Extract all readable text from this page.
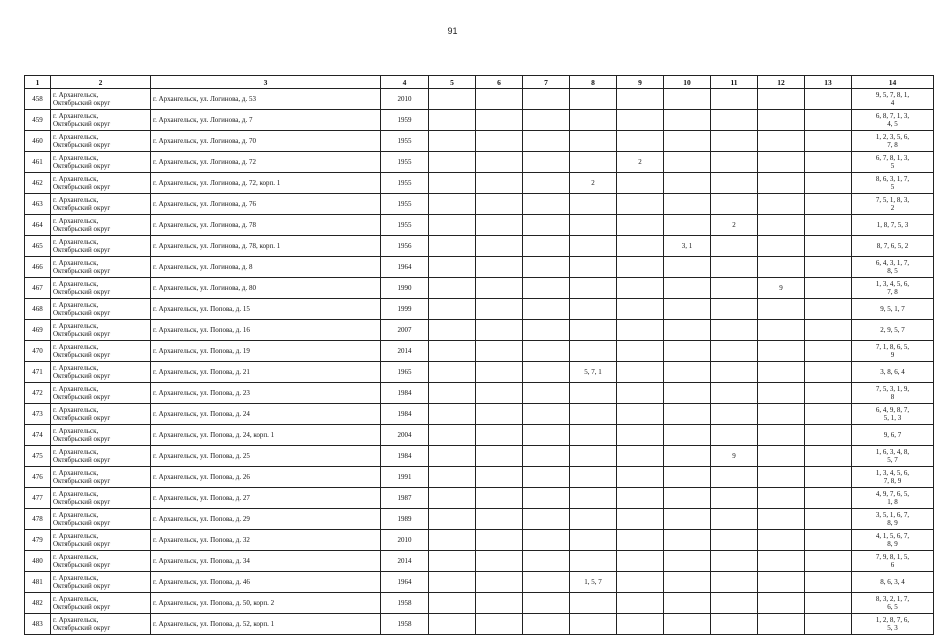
91
1	2	3	4	5	6	7	8	9	10	11	12	13	14
458	г. Архангельск,
Октябрьский округ	г. Архангельск, ул. Логинова, д. 53	2010										9, 5, 7, 8, 1,
4

459	г. Архангельск,
Октябрьский округ	г. Архангельск, ул. Логинова, д. 7	1959										6, 8, 7, 1, 3,
4, 5

460	г. Архангельск,
Октябрьский округ	г. Архангельск, ул. Логинова, д. 70	1955										1, 2, 3, 5, 6,
7, 8

461	г. Архангельск,
Октябрьский округ	г. Архангельск, ул. Логинова, д. 72	1955					2					6, 7, 8, 1, 3,
5

462	г. Архангельск,
Октябрьский округ	г. Архангельск, ул. Логинова, д. 72, корп. 1	1955				2						8, 6, 3, 1, 7,
5

463	г. Архангельск,
Октябрьский округ	г. Архангельск, ул. Логинова, д. 76	1955										7, 5, 1, 8, 3,
2

464	г. Архангельск,
Октябрьский округ	г. Архангельск, ул. Логинова, д. 78	1955							2			1, 8, 7, 5, 3

465	г. Архангельск,
Октябрьский округ	г. Архангельск, ул. Логинова, д. 78, корп. 1	1956						3, 1				8, 7, 6, 5, 2

466	г. Архангельск,
Октябрьский округ	г. Архангельск, ул. Логинова, д. 8	1964										6, 4, 3, 1, 7,
8, 5

467	г. Архангельск,
Октябрьский округ	г. Архангельск, ул. Логинова, д. 80	1990								9		1, 3, 4, 5, 6,
7, 8

468	г. Архангельск,
Октябрьский округ	г. Архангельск, ул. Попова, д. 15	1999										9, 5, 1, 7

469	г. Архангельск,
Октябрьский округ	г. Архангельск, ул. Попова, д. 16	2007										2, 9, 5, 7

470	г. Архангельск,
Октябрьский округ	г. Архангельск, ул. Попова, д. 19	2014										7, 1, 8, 6, 5,
9

471	г. Архангельск,
Октябрьский округ	г. Архангельск, ул. Попова, д. 21	1965				5, 7, 1						3, 8, 6, 4

472	г. Архангельск,
Октябрьский округ	г. Архангельск, ул. Попова, д. 23	1984										7, 5, 3, 1, 9,
8

473	г. Архангельск,
Октябрьский округ	г. Архангельск, ул. Попова, д. 24	1984										6, 4, 9, 8, 7,
5, 1, 3

474	г. Архангельск,
Октябрьский округ	г. Архангельск, ул. Попова, д. 24, корп. 1	2004										9, 6, 7

475	г. Архангельск,
Октябрьский округ	г. Архангельск, ул. Попова, д. 25	1984							9			1, 6, 3, 4, 8,
5, 7

476	г. Архангельск,
Октябрьский округ	г. Архангельск, ул. Попова, д. 26	1991										1, 3, 4, 5, 6,
7, 8, 9

477	г. Архангельск,
Октябрьский округ	г. Архангельск, ул. Попова, д. 27	1987										4, 9, 7, 6, 5,
1, 8

478	г. Архангельск,
Октябрьский округ	г. Архангельск, ул. Попова, д. 29	1989										3, 5, 1, 6, 7,
8, 9

479	г. Архангельск,
Октябрьский округ	г. Архангельск, ул. Попова, д. 32	2010										4, 1, 5, 6, 7,
8, 9

480	г. Архангельск,
Октябрьский округ	г. Архангельск, ул. Попова, д. 34	2014										7, 9, 8, 1, 5,
6

481	г. Архангельск,
Октябрьский округ	г. Архангельск, ул. Попова, д. 46	1964				1, 5, 7						8, 6, 3, 4

482	г. Архангельск,
Октябрьский округ	г. Архангельск, ул. Попова, д. 50, корп. 2	1958										8, 3, 2, 1, 7,
6, 5

483	г. Архангельск,
Октябрьский округ	г. Архангельск, ул. Попова, д. 52, корп. 1	1958										1, 2, 8, 7, 6,
5, 3
